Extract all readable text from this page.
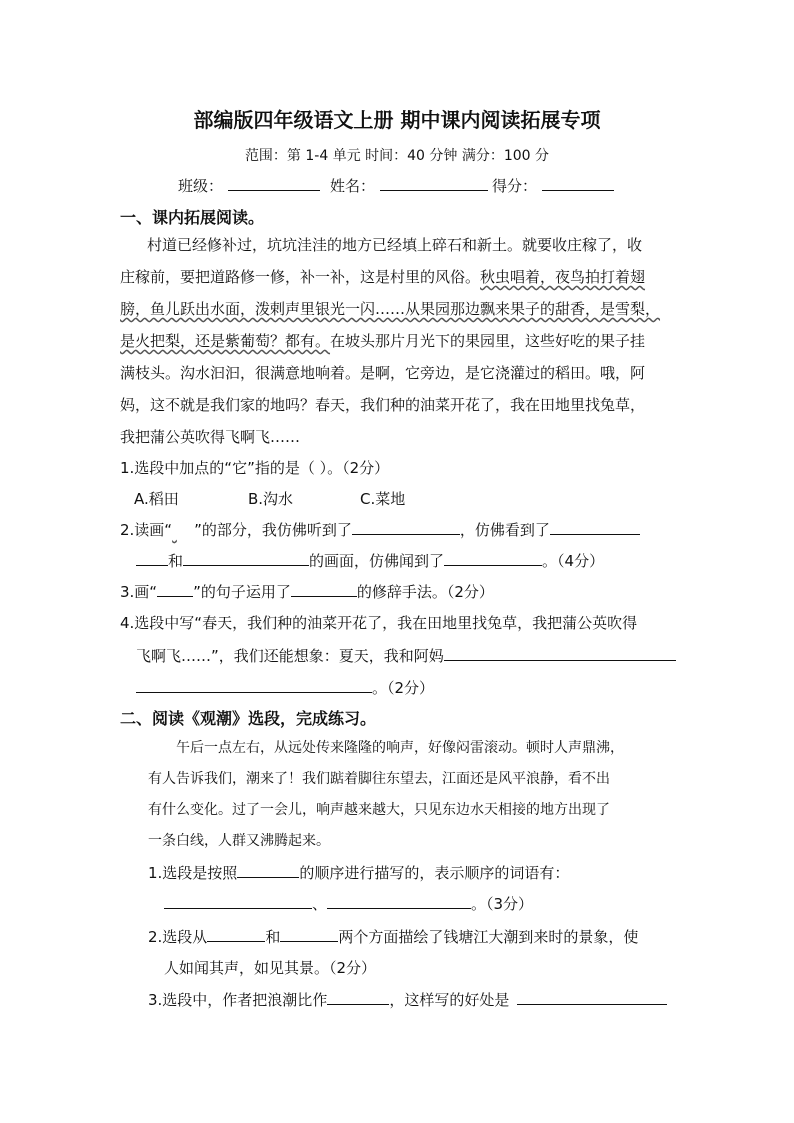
部编版四年级语文上册 期中课内阅读拓展专项
范围：第 1-4 单元 时间：40 分钟 满分：100 分
班级：	姓名：	得分：
一、课内拓展阅读。
村道已经修补过，坑坑洼洼的地方已经填上碎石和新土。就要收庄稼了，收
庄稼前，要把道路修一修，补一补，这是村里的风俗。秋虫唱着，夜鸟拍打着翅
膀，鱼儿跃出水面，泼剌声里银光一闪……从果园那边飘来果子的甜香，是雪梨，
是火把梨，还是紫葡萄？都有。在坡头那片月光下的果园里，这些好吃的果子挂
满枝头。沟水汩汩，很满意地响着。是啊，它旁边，是它浇灌过的稻田。哦，阿
妈，这不就是我们家的地吗？春天，我们种的油菜开花了，我在田地里找兔草，
我把蒲公英吹得飞啊飞……
1.选段中加点的“它”指的是（ ）。（2分）
A.稻田	B.沟水	C.菜地
2.读画“ ”的部分，我仿佛听到了	，仿佛看到了
和	的画面，仿佛闻到了	。（4分）
3.画“ ”的句子运用了	的修辞手法。（2分）
4.选段中写“春天，我们种的油菜开花了，我在田地里找兔草，我把蒲公英吹得
飞啊飞……”，我们还能想象：夏天，我和阿妈
。（2分）
二、阅读《观潮》选段，完成练习。
午后一点左右，从远处传来隆隆的响声，好像闷雷滚动。顿时人声鼎沸，
有人告诉我们，潮来了！我们踮着脚往东望去，江面还是风平浪静，看不出
有什么变化。过了一会儿，响声越来越大，只见东边水天相接的地方出现了
一条白线，人群又沸腾起来。
1.选段是按照	的顺序进行描写的，表示顺序的词语有：
、	。（3分）
2.选段从	和	两个方面描绘了钱塘江大潮到来时的景象，使
人如闻其声，如见其景。（2分）
3.选段中，作者把浪潮比作	，这样写的好处是
